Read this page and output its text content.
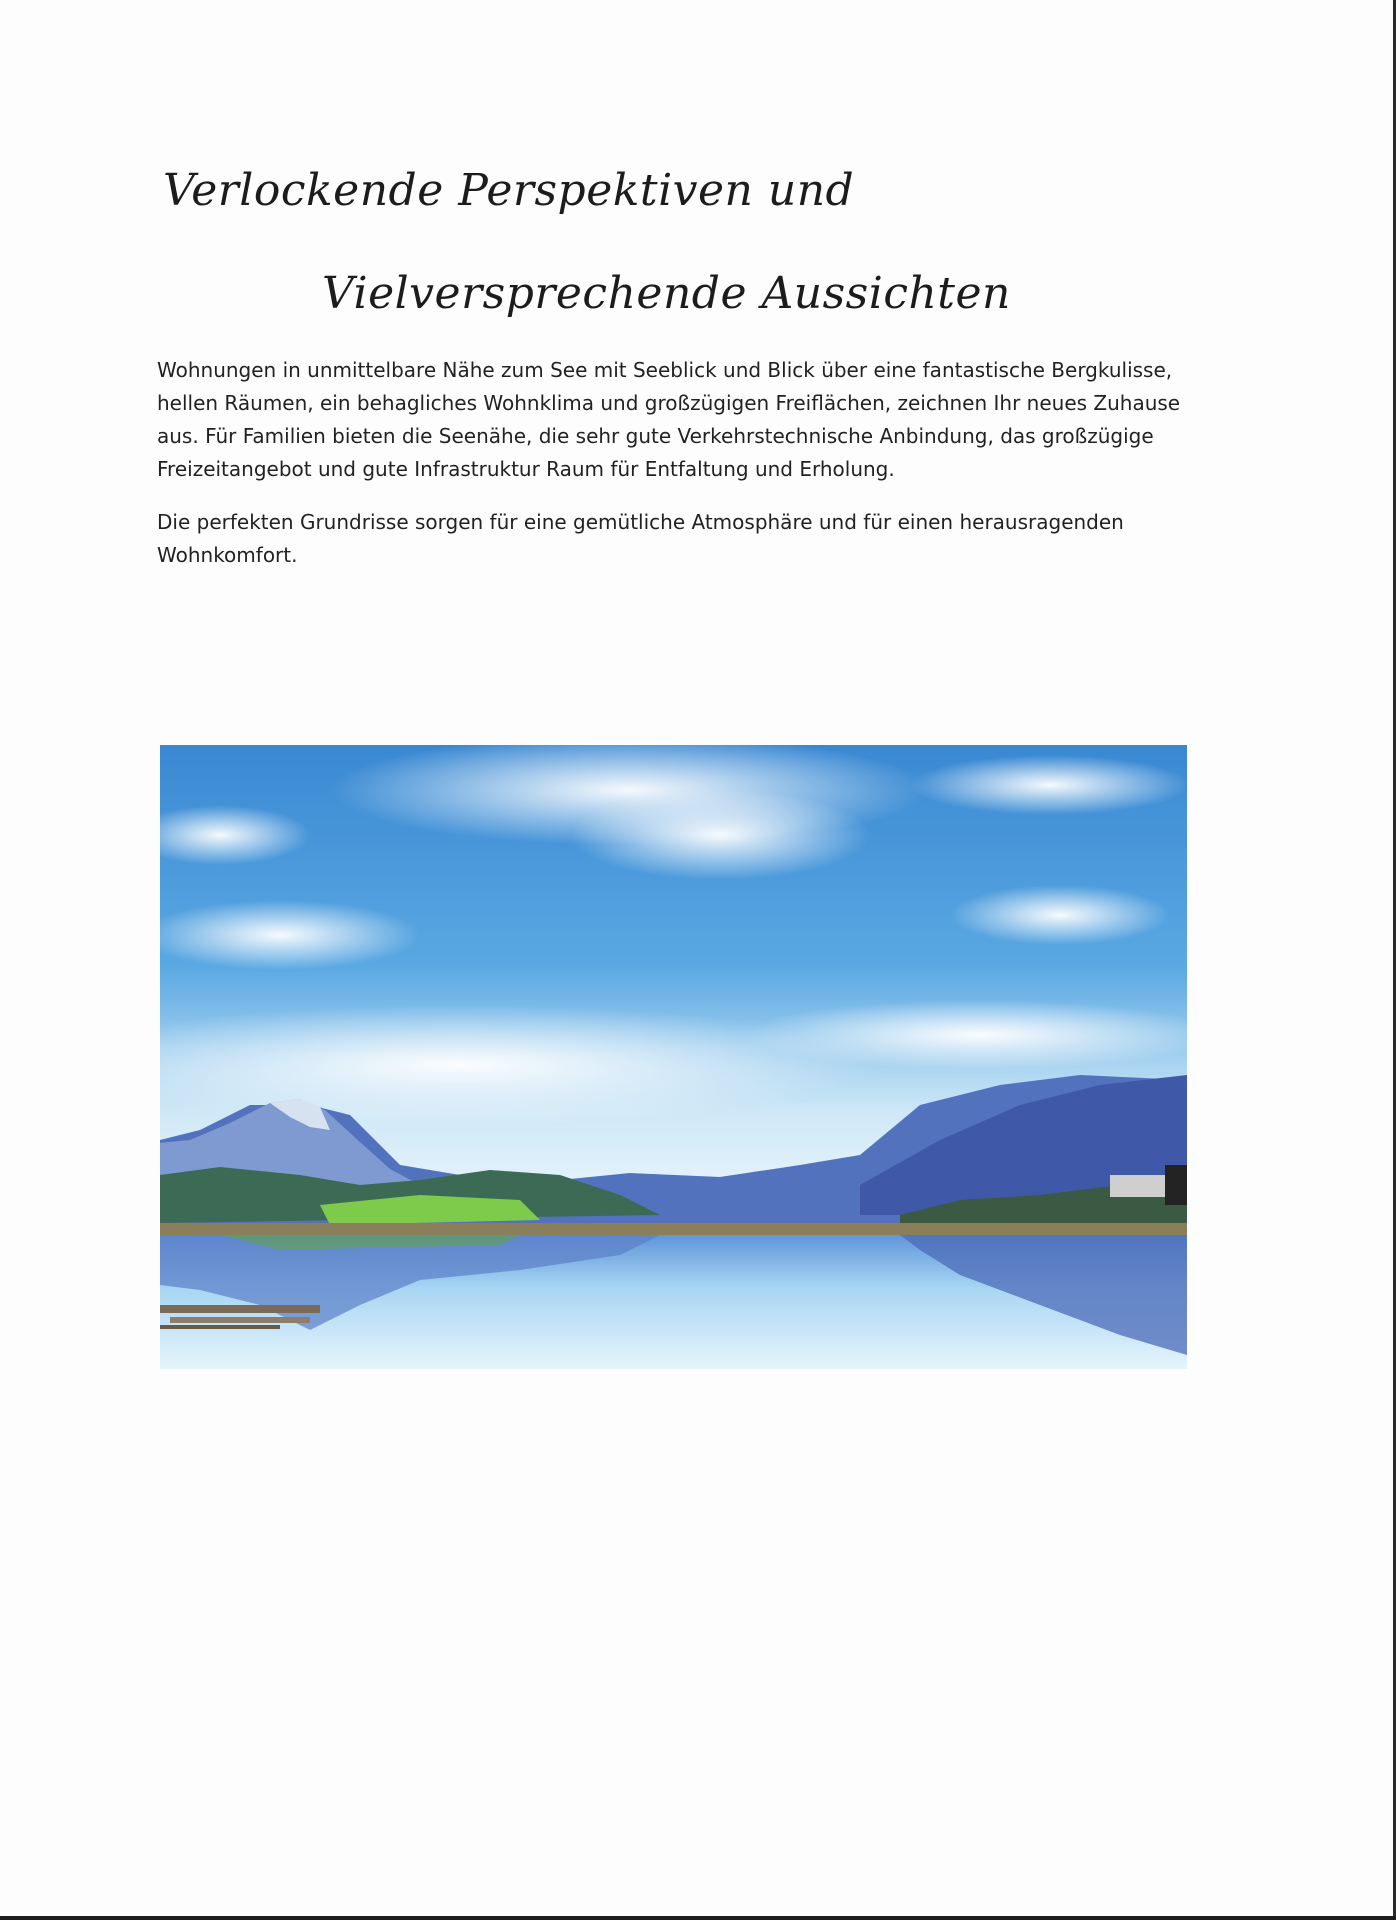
Verlockende Perspektiven und
Vielversprechende Aussichten

Wohnungen in unmittelbare Nähe zum See mit Seeblick und Blick über eine fantastische Bergkulisse, hellen Räumen, ein behagliches Wohnklima und großzügigen Freiflächen, zeichnen Ihr neues Zuhause aus. Für Familien bieten die Seenähe, die sehr gute Verkehrstechnische Anbindung, das großzügige Freizeitangebot und gute Infrastruktur Raum für Entfaltung und Erholung.

Die perfekten Grundrisse sorgen für eine gemütliche Atmosphäre und für einen herausragenden Wohnkomfort.
